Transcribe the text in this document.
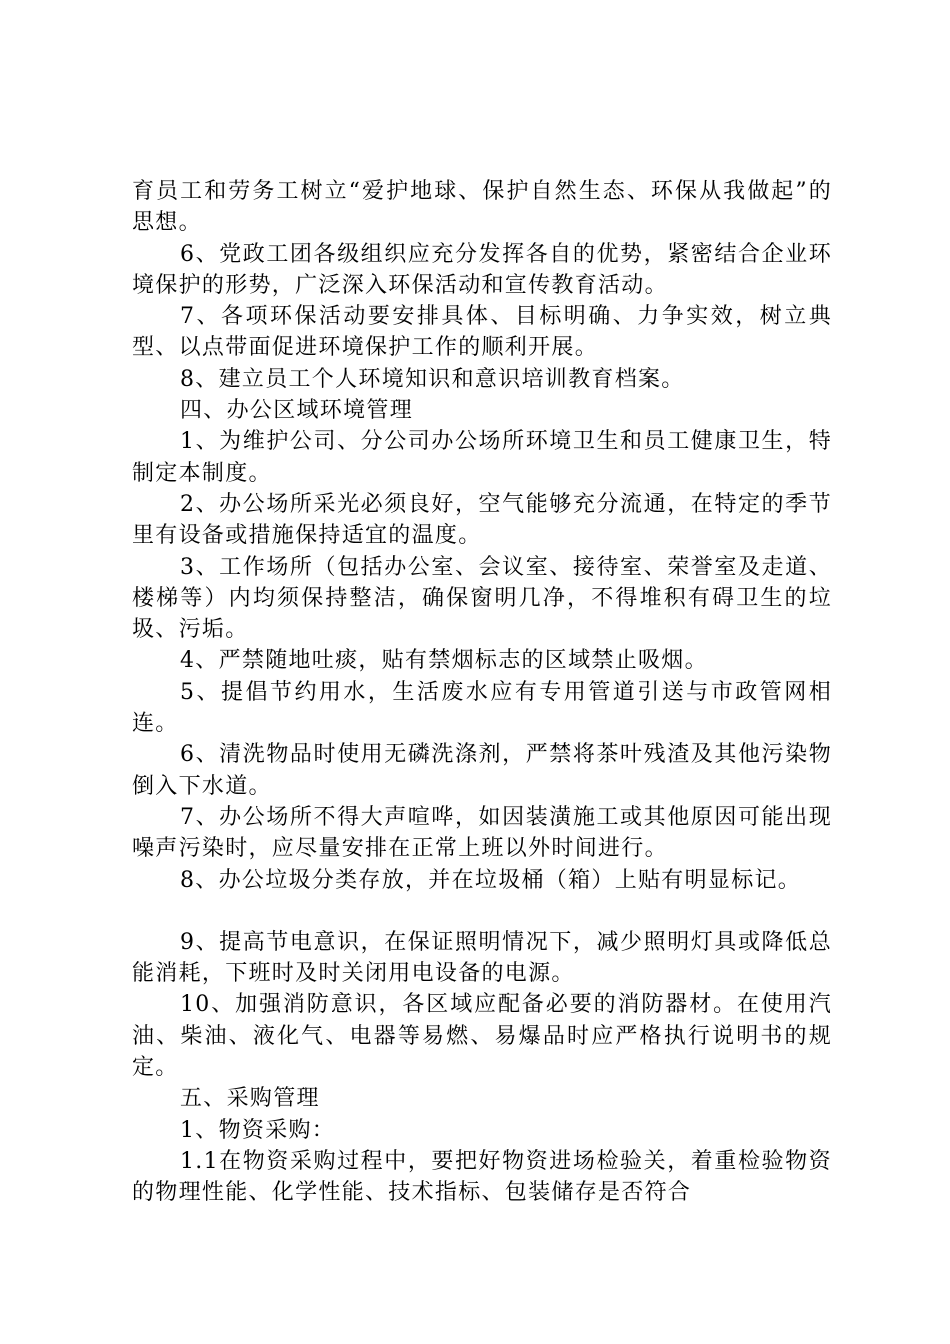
育员工和劳务工树立“爱护地球、保护自然生态、环保从我做起”的思想。

6、党政工团各级组织应充分发挥各自的优势，紧密结合企业环境保护的形势，广泛深入环保活动和宣传教育活动。

7、各项环保活动要安排具体、目标明确、力争实效，树立典型、以点带面促进环境保护工作的顺利开展。

8、建立员工个人环境知识和意识培训教育档案。

四、办公区域环境管理

1、为维护公司、分公司办公场所环境卫生和员工健康卫生，特制定本制度。

2、办公场所采光必须良好，空气能够充分流通，在特定的季节里有设备或措施保持适宜的温度。

3、工作场所（包括办公室、会议室、接待室、荣誉室及走道、楼梯等）内均须保持整洁，确保窗明几净，不得堆积有碍卫生的垃圾、污垢。

4、严禁随地吐痰，贴有禁烟标志的区域禁止吸烟。

5、提倡节约用水，生活废水应有专用管道引送与市政管网相连。

6、清洗物品时使用无磷洗涤剂，严禁将茶叶残渣及其他污染物倒入下水道。

7、办公场所不得大声喧哗，如因装潢施工或其他原因可能出现噪声污染时，应尽量安排在正常上班以外时间进行。

8、办公垃圾分类存放，并在垃圾桶（箱）上贴有明显标记。

9、提高节电意识，在保证照明情况下，减少照明灯具或降低总能消耗，下班时及时关闭用电设备的电源。

10、加强消防意识，各区域应配备必要的消防器材。在使用汽油、柴油、液化气、电器等易燃、易爆品时应严格执行说明书的规定。

五、采购管理

1、物资采购：

1.1在物资采购过程中，要把好物资进场检验关，着重检验物资的物理性能、化学性能、技术指标、包装储存是否符合
